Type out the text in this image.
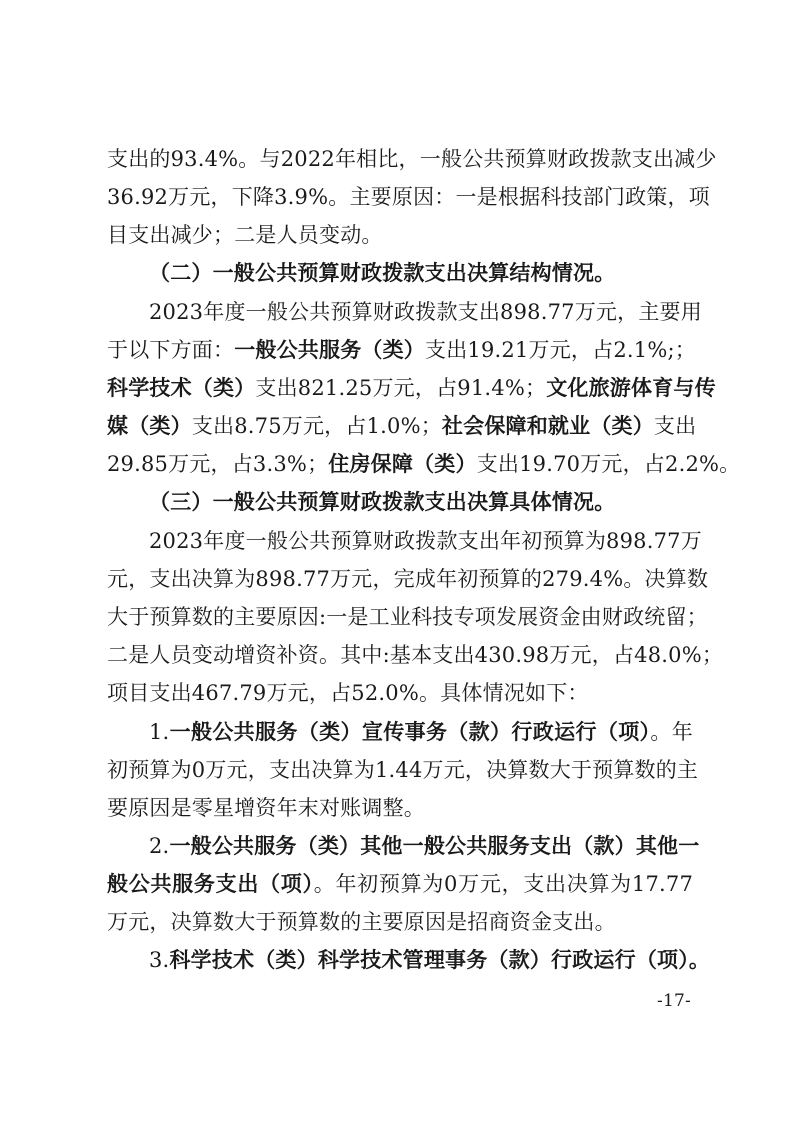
支出的93.4%。与2022年相比，一般公共预算财政拨款支出减少
36.92万元，下降3.9%。主要原因：一是根据科技部门政策，项
目支出减少；二是人员变动。
（二）一般公共预算财政拨款支出决算结构情况。
2023年度一般公共预算财政拨款支出898.77万元，主要用
于以下方面：一般公共服务（类）支出19.21万元，占2.1%;；
科学技术（类）支出821.25万元，占91.4%；文化旅游体育与传
媒（类）支出8.75万元，占1.0%；社会保障和就业（类）支出
29.85万元，占3.3%；住房保障（类）支出19.70万元，占2.2%。
（三）一般公共预算财政拨款支出决算具体情况。
2023年度一般公共预算财政拨款支出年初预算为898.77万
元，支出决算为898.77万元，完成年初预算的279.4%。决算数
大于预算数的主要原因:一是工业科技专项发展资金由财政统留；
二是人员变动增资补资。其中:基本支出430.98万元，占48.0%；
项目支出467.79万元，占52.0%。具体情况如下：
1.一般公共服务（类）宣传事务（款）行政运行（项）。年
初预算为0万元，支出决算为1.44万元，决算数大于预算数的主
要原因是零星增资年末对账调整。
2.一般公共服务（类）其他一般公共服务支出（款）其他一
般公共服务支出（项）。年初预算为0万元，支出决算为17.77
万元，决算数大于预算数的主要原因是招商资金支出。
3.科学技术（类）科学技术管理事务（款）行政运行（项）。
-17-
